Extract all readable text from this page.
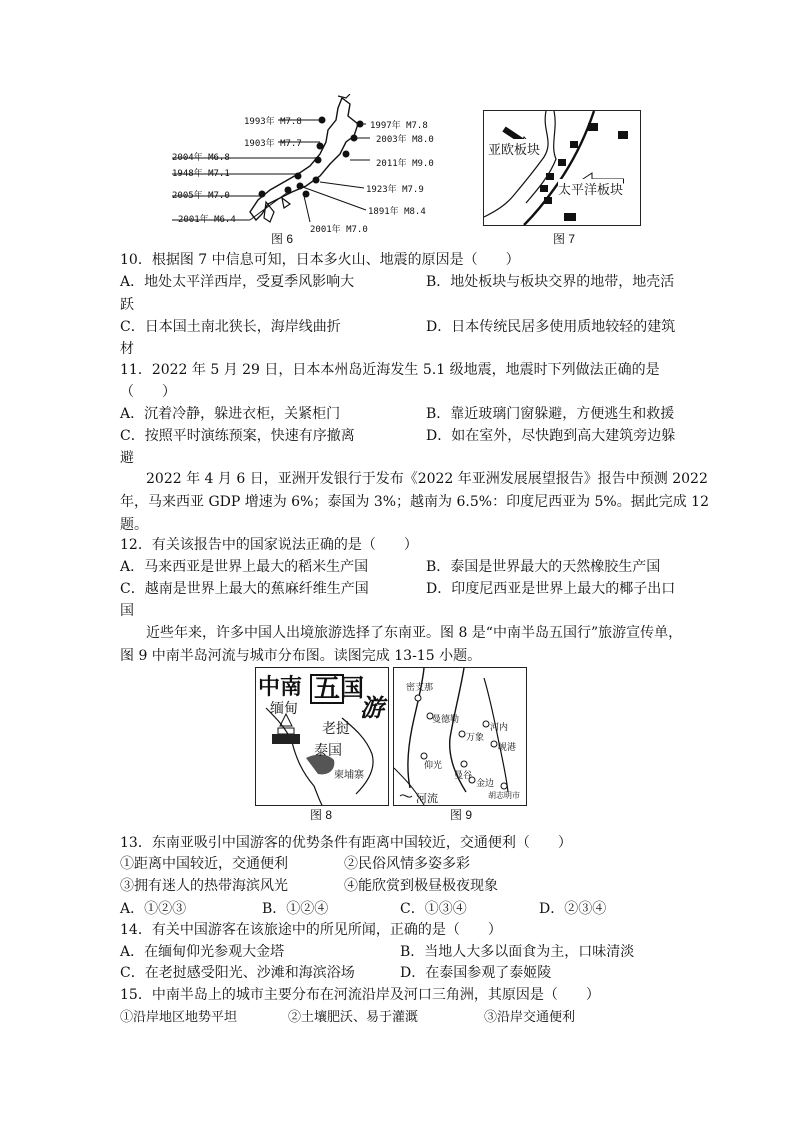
1993年 M7.8
1903年 M7.7
2004年 M6.8
1948年 M7.1
2005年 M7.0
2001年 M6.4
1997年 M7.8
2003年 M8.0
2011年 M9.0
1923年 M7.9
1891年 M8.4
2001年 M7.0
图 6
亚欧板块
太平洋板块
图 7
10．根据图 7 中信息可知，日本多火山、地震的原因是（　　）
A．地处太平洋西岸，受夏季风影响大	B．地处板块与板块交界的地带，地壳活
跃
C．日本国土南北狭长，海岸线曲折	D．日本传统民居多使用质地较轻的建筑
材
11．2022 年 5 月 29 日，日本本州岛近海发生 5.1 级地震，地震时下列做法正确的是
（　　）
A．沉着冷静，躲进衣柜，关紧柜门	B．靠近玻璃门窗躲避，方便逃生和救援
C．按照平时演练预案，快速有序撤离	D．如在室外，尽快跑到高大建筑旁边躲
避
2022 年 4 月 6 日，亚洲开发银行于发布《2022 年亚洲发展展望报告》报告中预测 2022
年，马来西亚 GDP 增速为 6%；泰国为 3%；越南为 6.5%：印度尼西亚为 5%。据此完成 12
题。
12．有关该报告中的国家说法正确的是（　　）
A．马来西亚是世界上最大的稻米生产国	B．泰国是世界最大的天然橡胶生产国
C．越南是世界上最大的蕉麻纤维生产国	D．印度尼西亚是世界上最大的椰子出口
国
近些年来，许多中国人出境旅游选择了东南亚。图 8 是“中南半岛五国行”旅游宣传单，
图 9 中南半岛河流与城市分布图。读图完成 13-15 小题。
中南 五 国
游
缅甸
老挝
泰国
柬埔寨
图 8
密支那
曼德勒
河内
仰光
万象
岘港
曼谷
金边
胡志明市
河流
图 9
13．东南亚吸引中国游客的优势条件有距离中国较近，交通便利（　　）
①距离中国较近，交通便利	②民俗风情多姿多彩
③拥有迷人的热带海滨风光	④能欣赏到极昼极夜现象
A．①②③	B．①②④	C．①③④	D．②③④
14．有关中国游客在该旅途中的所见所闻，正确的是（　　）
A．在缅甸仰光参观大金塔	B．当地人大多以面食为主，口味清淡
C．在老挝感受阳光、沙滩和海滨浴场	D．在泰国参观了泰姬陵
15．中南半岛上的城市主要分布在河流沿岸及河口三角洲，其原因是（　　）
①沿岸地区地势平坦	②土壤肥沃、易于灌溉	③沿岸交通便利
